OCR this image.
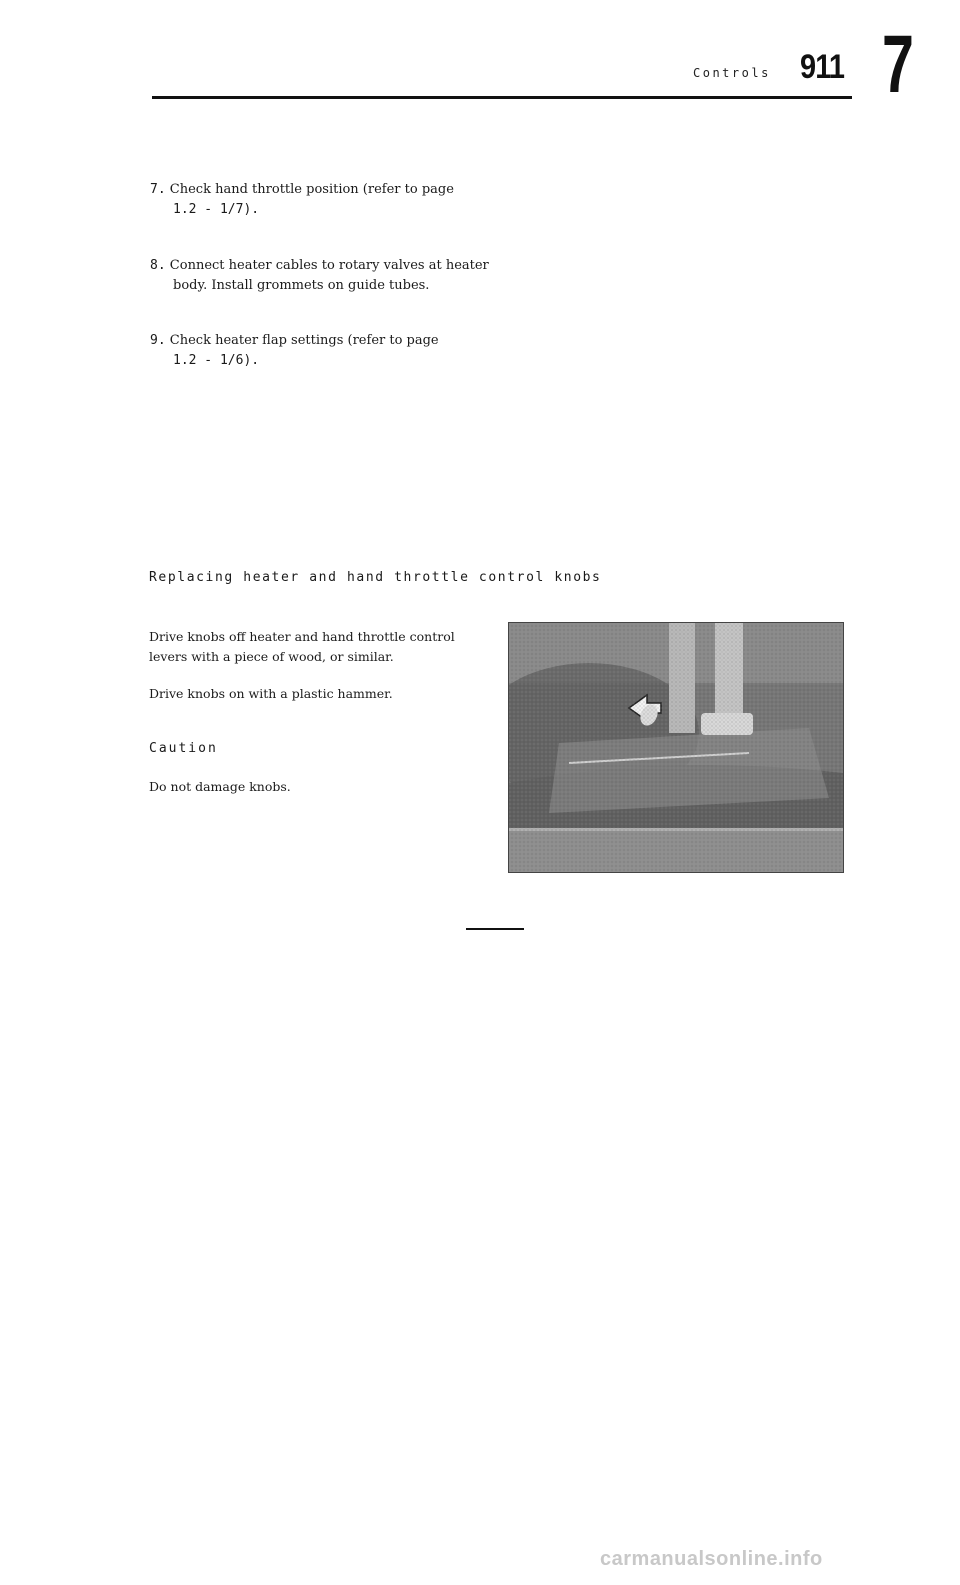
Controls 911 7
7. Check hand throttle position (refer to page
1.2 - 1/7).
8. Connect heater cables to rotary valves at heater
body. Install grommets on guide tubes.
9. Check heater flap settings (refer to page
1.2 - 1/6).
Replacing heater and hand throttle control knobs
Drive knobs off heater and hand throttle control
levers with a piece of wood, or similar.
Drive knobs on with a plastic hammer.
Caution
Do not damage knobs.
carmanualsonline.info
